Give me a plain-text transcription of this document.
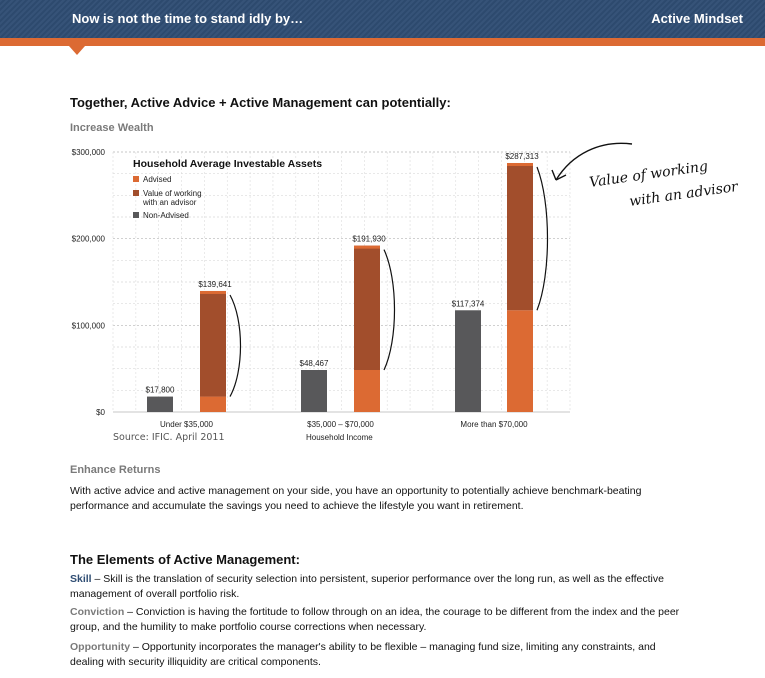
Now is not the time to stand idly by…	Active Mindset
Together, Active Advice + Active Management can potentially:
Increase Wealth
$0
$100,000
$200,000
$300,000
$17,800
$139,641
Under $35,000
$48,467
$191,930
$35,000 – $70,000
$117,374
$287,313
More than $70,000
Household Average Investable Assets
Advised
Value of working
with an advisor
Non-Advised
Source: IFIC. April 2011	Household Income
Value of working
with an advisor
Enhance Returns
With active advice and active management on your side, you have an opportunity to potentially achieve benchmark-beating performance and accumulate the savings you need to achieve the lifestyle you want in retirement.
The Elements of Active Management:
Skill – Skill is the translation of security selection into persistent, superior performance over the long run, as well as the effective management of overall portfolio risk.
Conviction – Conviction is having the fortitude to follow through on an idea, the courage to be different from the index and the peer group, and the humility to make portfolio course corrections when necessary.
Opportunity – Opportunity incorporates the manager's ability to be flexible – managing fund size, limiting any constraints, and dealing with security illiquidity are critical components.
